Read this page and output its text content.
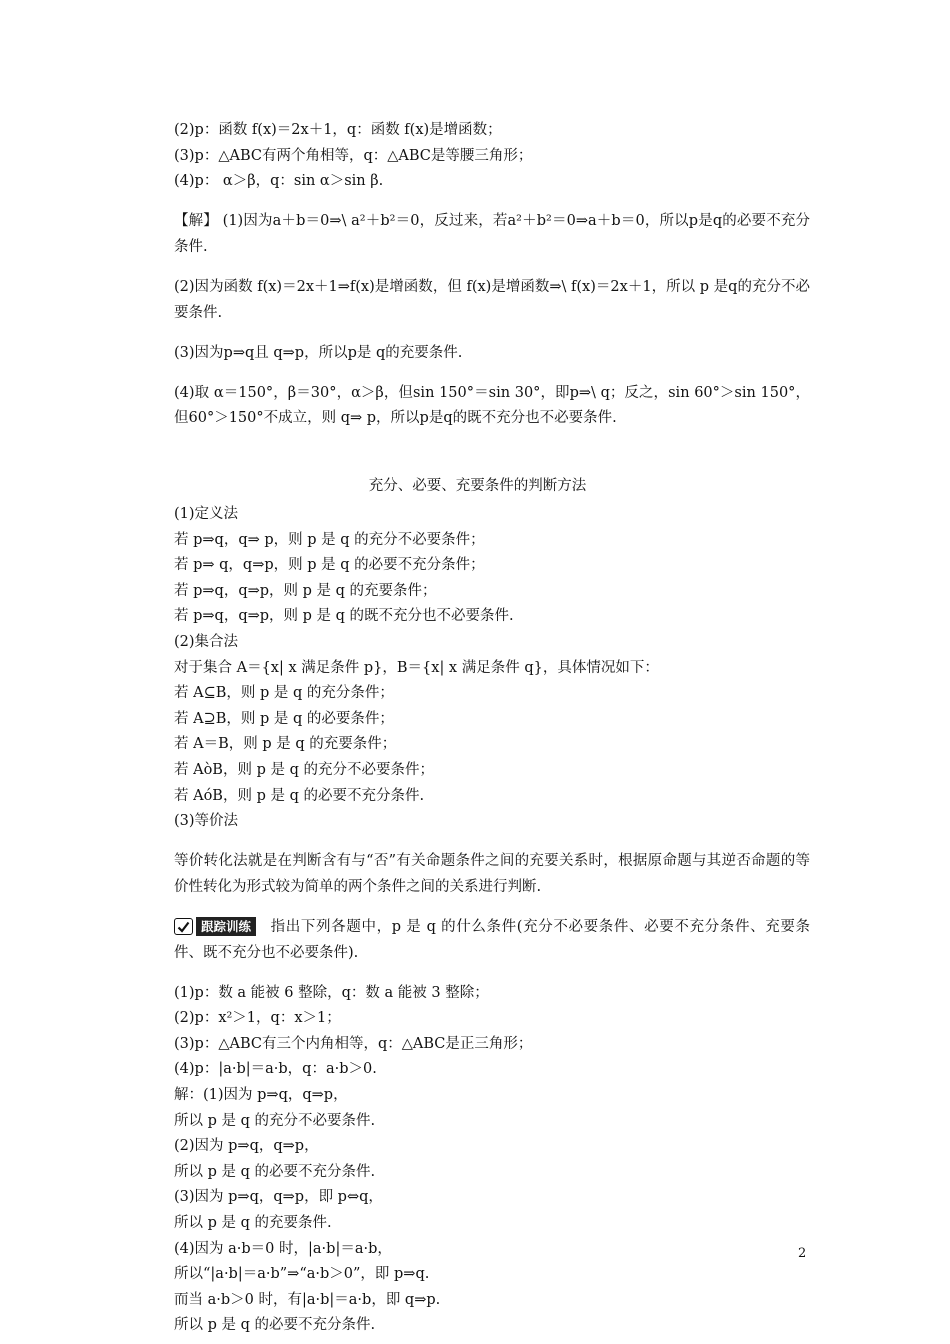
(2)p：函数 f(x)＝2x＋1，q：函数 f(x)是增函数；

(3)p：△ABC有两个角相等，q：△ABC是等腰三角形；

(4)p： α＞β，q：sin α＞sin β.

【解】 (1)因为a＋b＝0⇒\ a²＋b²＝0，反过来，若a²＋b²＝0⇒a＋b＝0，所以p是q的必要不充分条件.

(2)因为函数 f(x)＝2x＋1⇒f(x)是增函数，但 f(x)是增函数⇒\ f(x)＝2x＋1，所以 p 是q的充分不必要条件.

(3)因为p⇒q且 q⇒p，所以p是 q的充要条件.

(4)取 α＝150°，β＝30°，α＞β，但sin 150°＝sin 30°，即p⇒\ q；反之，sin 60°＞sin 150°，但60°＞150°不成立，则 q⇒ p，所以p是q的既不充分也不必要条件.

充分、必要、充要条件的判断方法

(1)定义法

若 p⇒q，q⇒ p，则 p 是 q 的充分不必要条件；

若 p⇒ q，q⇒p，则 p 是 q 的必要不充分条件；

若 p⇒q，q⇒p，则 p 是 q 的充要条件；

若 p⇒q，q⇒p，则 p 是 q 的既不充分也不必要条件.

(2)集合法

对于集合 A＝{x| x 满足条件 p}，B＝{x| x 满足条件 q}，具体情况如下：

若 A⊆B，则 p 是 q 的充分条件；

若 A⊇B，则 p 是 q 的必要条件；

若 A＝B，则 p 是 q 的充要条件；

若 AòB，则 p 是 q 的充分不必要条件；

若 AóB，则 p 是 q 的必要不充分条件.

(3)等价法

等价转化法就是在判断含有与“否”有关命题条件之间的充要关系时，根据原命题与其逆否命题的等价性转化为形式较为简单的两个条件之间的关系进行判断.

跟踪训练	指出下列各题中，p 是 q 的什么条件(充分不必要条件、必要不充分条件、充要条件、既不充分也不必要条件).

(1)p：数 a 能被 6 整除，q：数 a 能被 3 整除；

(2)p：x²＞1，q：x＞1；

(3)p：△ABC有三个内角相等，q：△ABC是正三角形；

(4)p：|a·b|＝a·b，q：a·b＞0.

解：(1)因为 p⇒q，q⇒p，

所以 p 是 q 的充分不必要条件.

(2)因为 p⇒q，q⇒p，

所以 p 是 q 的必要不充分条件.

(3)因为 p⇒q，q⇒p，即 p⇔q，

所以 p 是 q 的充要条件.

(4)因为 a·b＝0 时，|a·b|＝a·b，

所以“|a·b|＝a·b”⇒“a·b＞0”，即 p⇒q.

而当 a·b＞0 时，有|a·b|＝a·b，即 q⇒p.

所以 p 是 q 的必要不充分条件.

2
